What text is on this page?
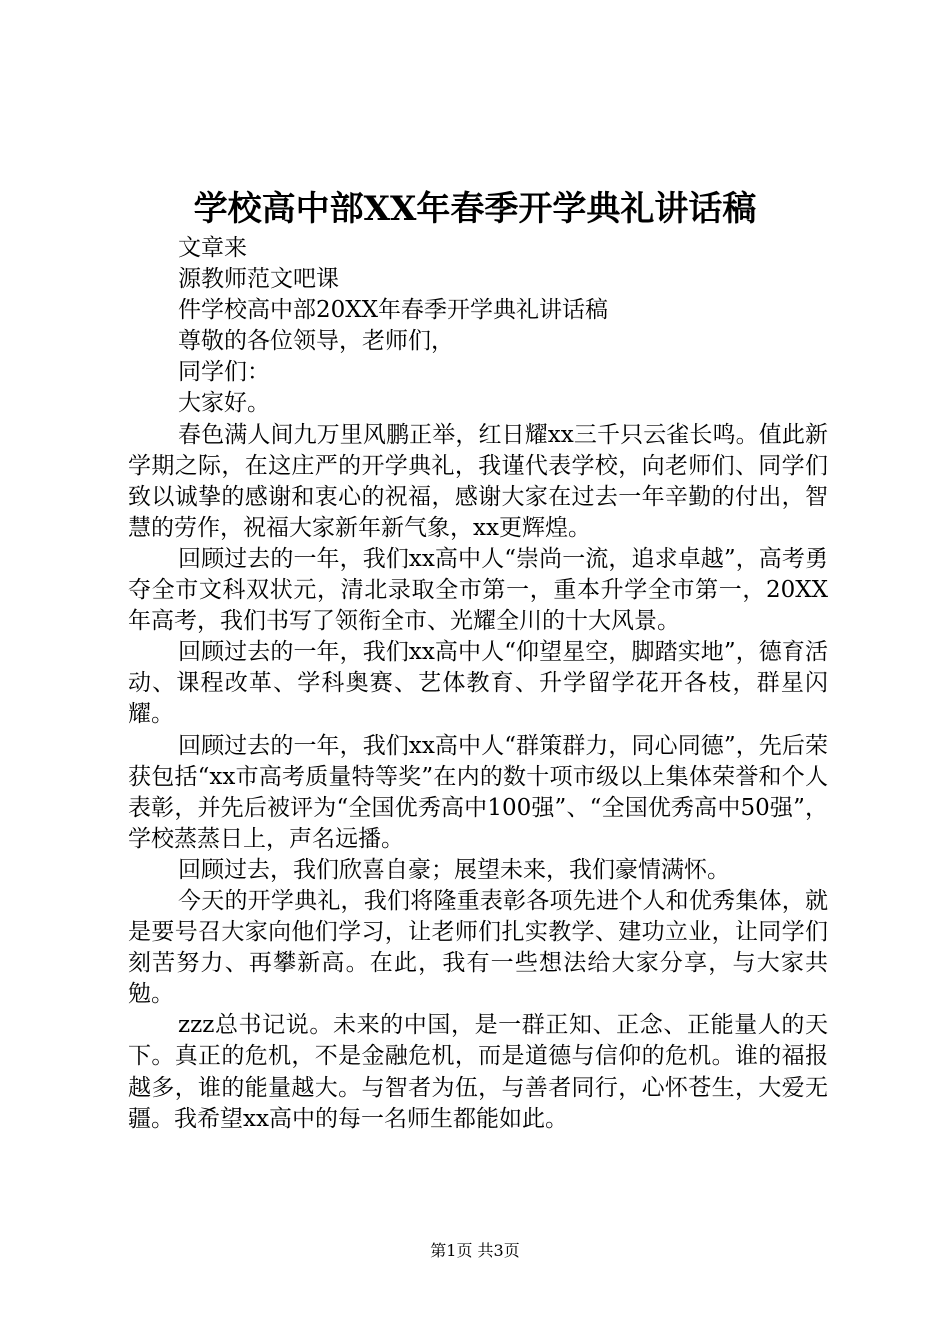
学校高中部XX年春季开学典礼讲话稿

文章来

源教师范文吧课

件学校高中部20XX年春季开学典礼讲话稿

尊敬的各位领导，老师们，

同学们：

大家好。

春色满人间九万里风鹏正举，红日耀xx三千只云雀长鸣。值此新学期之际，在这庄严的开学典礼，我谨代表学校，向老师们、同学们致以诚挚的感谢和衷心的祝福，感谢大家在过去一年辛勤的付出，智慧的劳作，祝福大家新年新气象，xx更辉煌。

回顾过去的一年，我们xx高中人“崇尚一流，追求卓越”，高考勇夺全市文科双状元，清北录取全市第一，重本升学全市第一，20XX年高考，我们书写了领衔全市、光耀全川的十大风景。

回顾过去的一年，我们xx高中人“仰望星空，脚踏实地”，德育活动、课程改革、学科奥赛、艺体教育、升学留学花开各枝，群星闪耀。

回顾过去的一年，我们xx高中人“群策群力，同心同德”，先后荣获包括“xx市高考质量特等奖”在内的数十项市级以上集体荣誉和个人表彰，并先后被评为“全国优秀高中100强”、“全国优秀高中50强”，学校蒸蒸日上，声名远播。

回顾过去，我们欣喜自豪；展望未来，我们豪情满怀。

今天的开学典礼，我们将隆重表彰各项先进个人和优秀集体，就是要号召大家向他们学习，让老师们扎实教学、建功立业，让同学们刻苦努力、再攀新高。在此，我有一些想法给大家分享，与大家共勉。

zzz总书记说。未来的中国，是一群正知、正念、正能量人的天下。真正的危机，不是金融危机，而是道德与信仰的危机。谁的福报越多，谁的能量越大。与智者为伍，与善者同行，心怀苍生，大爱无疆。我希望xx高中的每一名师生都能如此。

第1页 共3页
